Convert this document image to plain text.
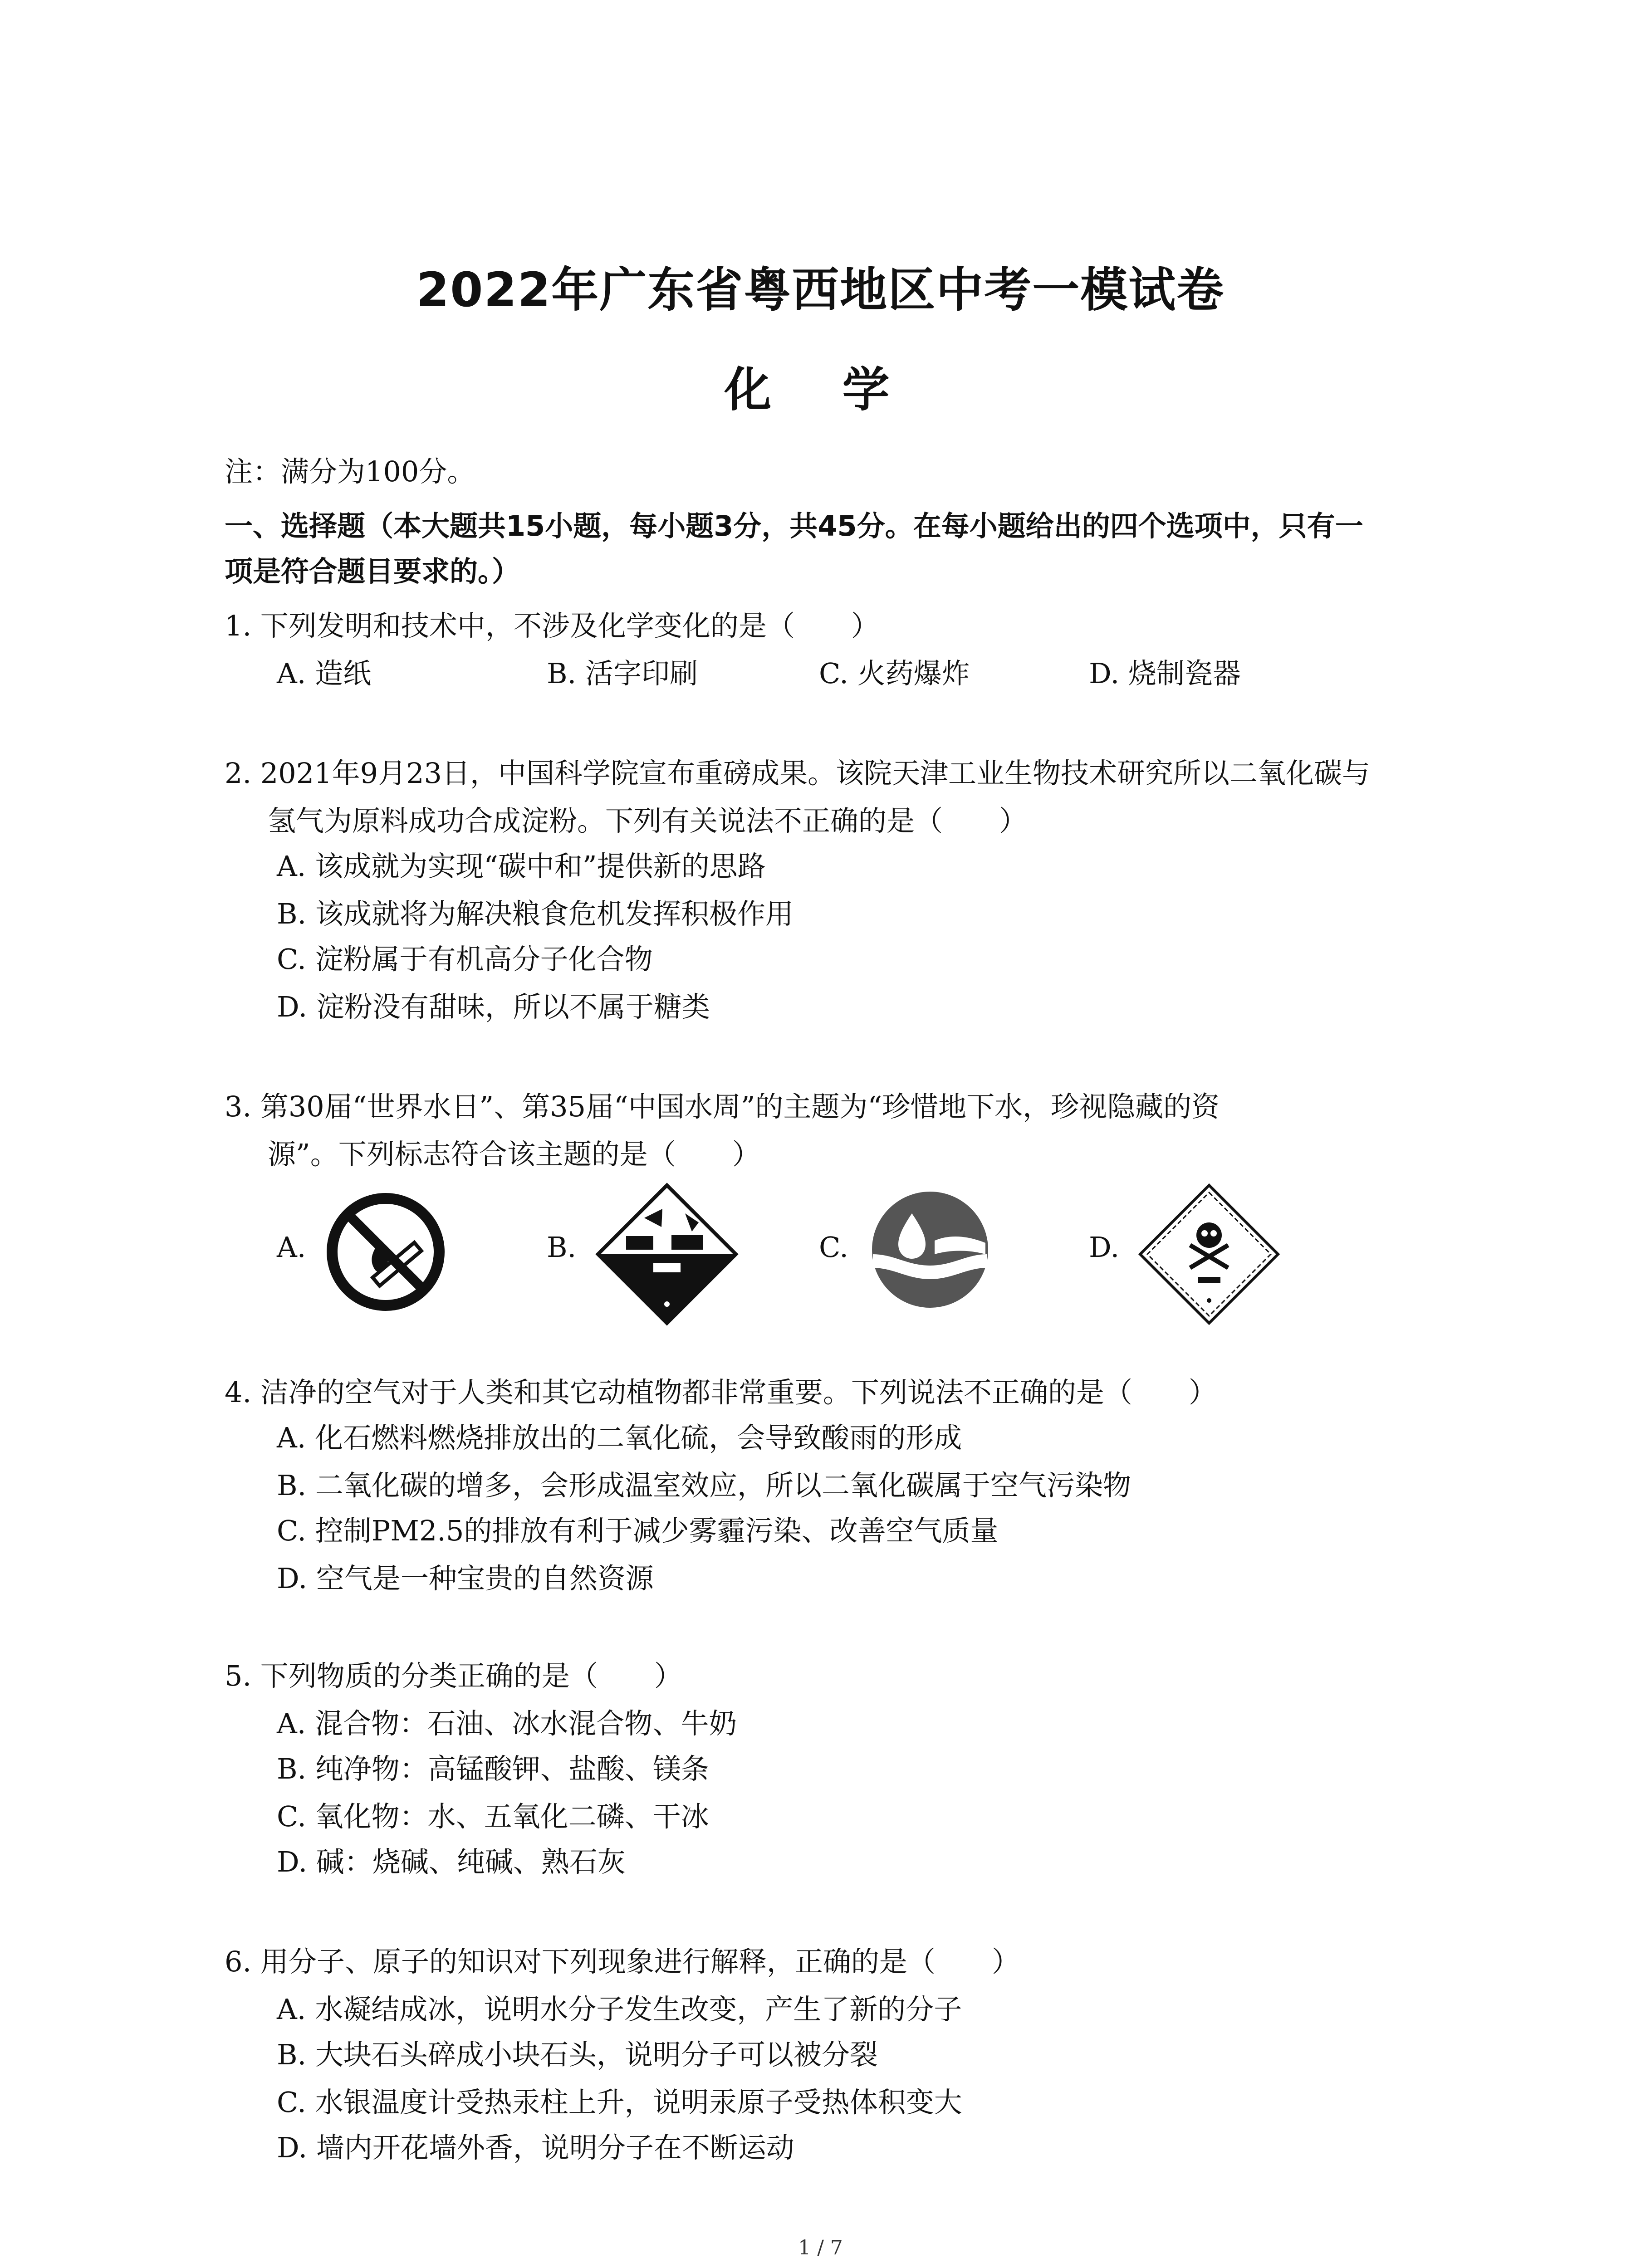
2022年广东省粤西地区中考一模试卷
化 学
注：满分为100分。
一、选择题（本大题共15小题，每小题3分，共45分。在每小题给出的四个选项中，只有一
项是符合题目要求的。）
1. 下列发明和技术中，不涉及化学变化的是（　　）
A. 造纸	B. 活字印刷	C. 火药爆炸	D. 烧制瓷器
2. 2021年9月23日，中国科学院宣布重磅成果。该院天津工业生物技术研究所以二氧化碳与
氢气为原料成功合成淀粉。下列有关说法不正确的是（　　）
A. 该成就为实现“碳中和”提供新的思路
B. 该成就将为解决粮食危机发挥积极作用
C. 淀粉属于有机高分子化合物
D. 淀粉没有甜味，所以不属于糖类
3. 第30届“世界水日”、第35届“中国水周”的主题为“珍惜地下水，珍视隐藏的资
源”。下列标志符合该主题的是（　　）
A.	B.	C.	D.
4. 洁净的空气对于人类和其它动植物都非常重要。下列说法不正确的是（　　）
A. 化石燃料燃烧排放出的二氧化硫，会导致酸雨的形成
B. 二氧化碳的增多，会形成温室效应，所以二氧化碳属于空气污染物
C. 控制PM2.5的排放有利于减少雾霾污染、改善空气质量
D. 空气是一种宝贵的自然资源
5. 下列物质的分类正确的是（　　）
A. 混合物：石油、冰水混合物、牛奶
B. 纯净物：高锰酸钾、盐酸、镁条
C. 氧化物：水、五氧化二磷、干冰
D. 碱：烧碱、纯碱、熟石灰
6. 用分子、原子的知识对下列现象进行解释，正确的是（　　）
A. 水凝结成冰，说明水分子发生改变，产生了新的分子
B. 大块石头碎成小块石头，说明分子可以被分裂
C. 水银温度计受热汞柱上升，说明汞原子受热体积变大
D. 墙内开花墙外香，说明分子在不断运动
1 / 7
